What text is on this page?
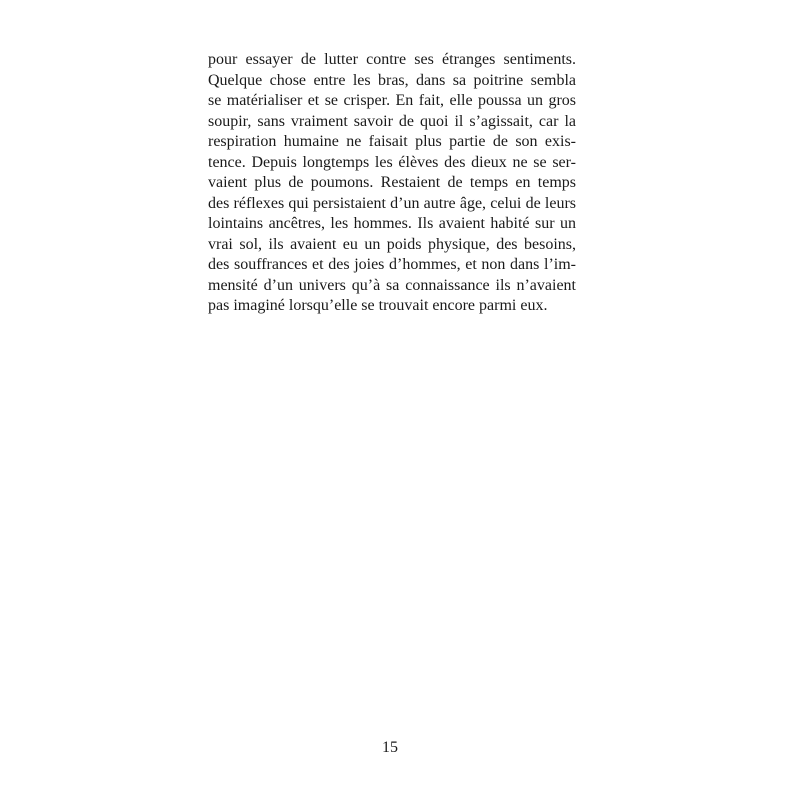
pour essayer de lutter contre ses étranges sentiments.
Quelque chose entre les bras, dans sa poitrine sembla
se matérialiser et se crisper. En fait, elle poussa un gros
soupir, sans vraiment savoir de quoi il s’agissait, car la
respiration humaine ne faisait plus partie de son exis-
tence. Depuis longtemps les élèves des dieux ne se ser-
vaient plus de poumons. Restaient de temps en temps
des réflexes qui persistaient d’un autre âge, celui de leurs
lointains ancêtres, les hommes. Ils avaient habité sur un
vrai sol, ils avaient eu un poids physique, des besoins,
des souffrances et des joies d’hommes, et non dans l’im-
mensité d’un univers qu’à sa connaissance ils n’avaient
pas imaginé lorsqu’elle se trouvait encore parmi eux.
15
